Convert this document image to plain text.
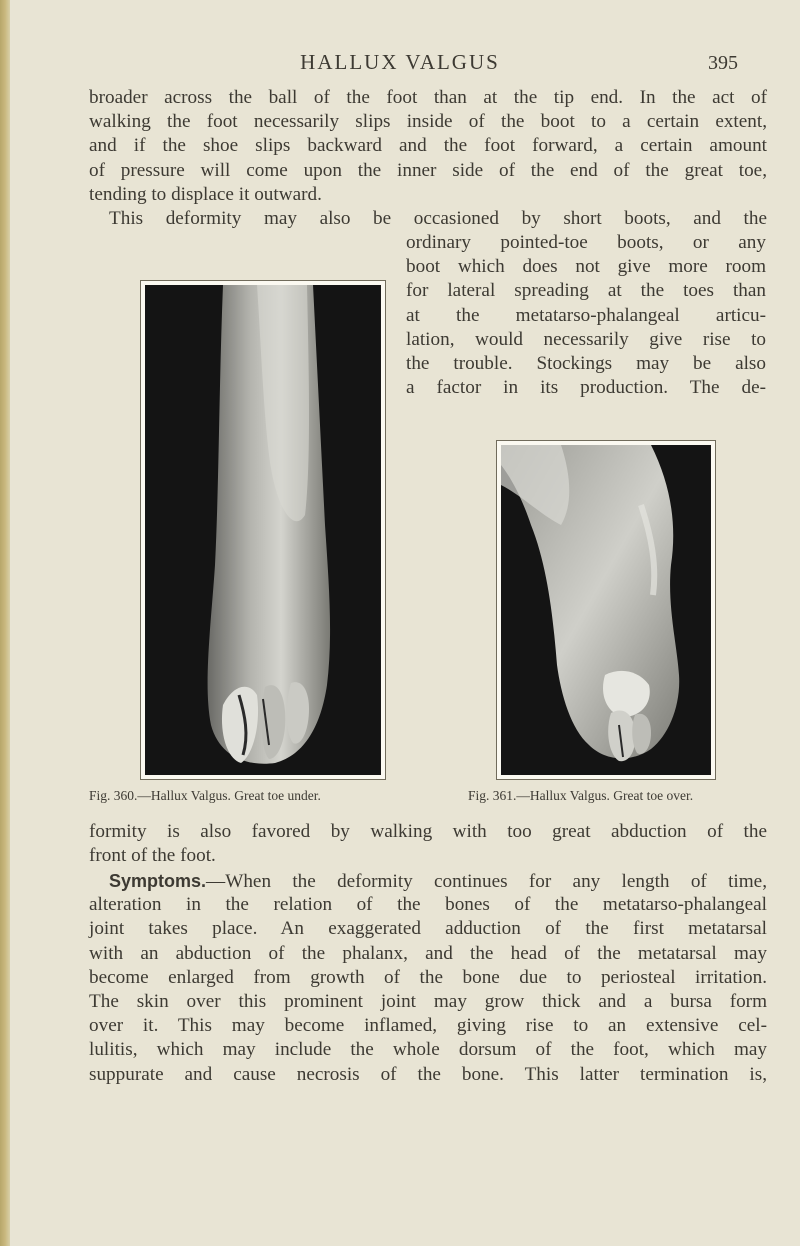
HALLUX VALGUS	395
broader across the ball of the foot than at the tip end. In the act of
walking the foot necessarily slips inside of the boot to a certain extent,
and if the shoe slips backward and the foot forward, a certain amount
of pressure will come upon the inner side of the end of the great toe,
tending to displace it outward.
This deformity may also be occasioned by short boots, and the
ordinary pointed-toe boots, or any
boot which does not give more room
for lateral spreading at the toes than
at the metatarso-phalangeal articu-
lation, would necessarily give rise to
the trouble. Stockings may be also
a factor in its production. The de-
Fig. 360.—Hallux Valgus. Great toe under.	Fig. 361.—Hallux Valgus. Great toe over.
formity is also favored by walking with too great abduction of the
front of the foot.
Symptoms.—When the deformity continues for any length of time,
alteration in the relation of the bones of the metatarso-phalangeal
joint takes place. An exaggerated adduction of the first metatarsal
with an abduction of the phalanx, and the head of the metatarsal may
become enlarged from growth of the bone due to periosteal irritation.
The skin over this prominent joint may grow thick and a bursa form
over it. This may become inflamed, giving rise to an extensive cel-
lulitis, which may include the whole dorsum of the foot, which may
suppurate and cause necrosis of the bone. This latter termination is,
